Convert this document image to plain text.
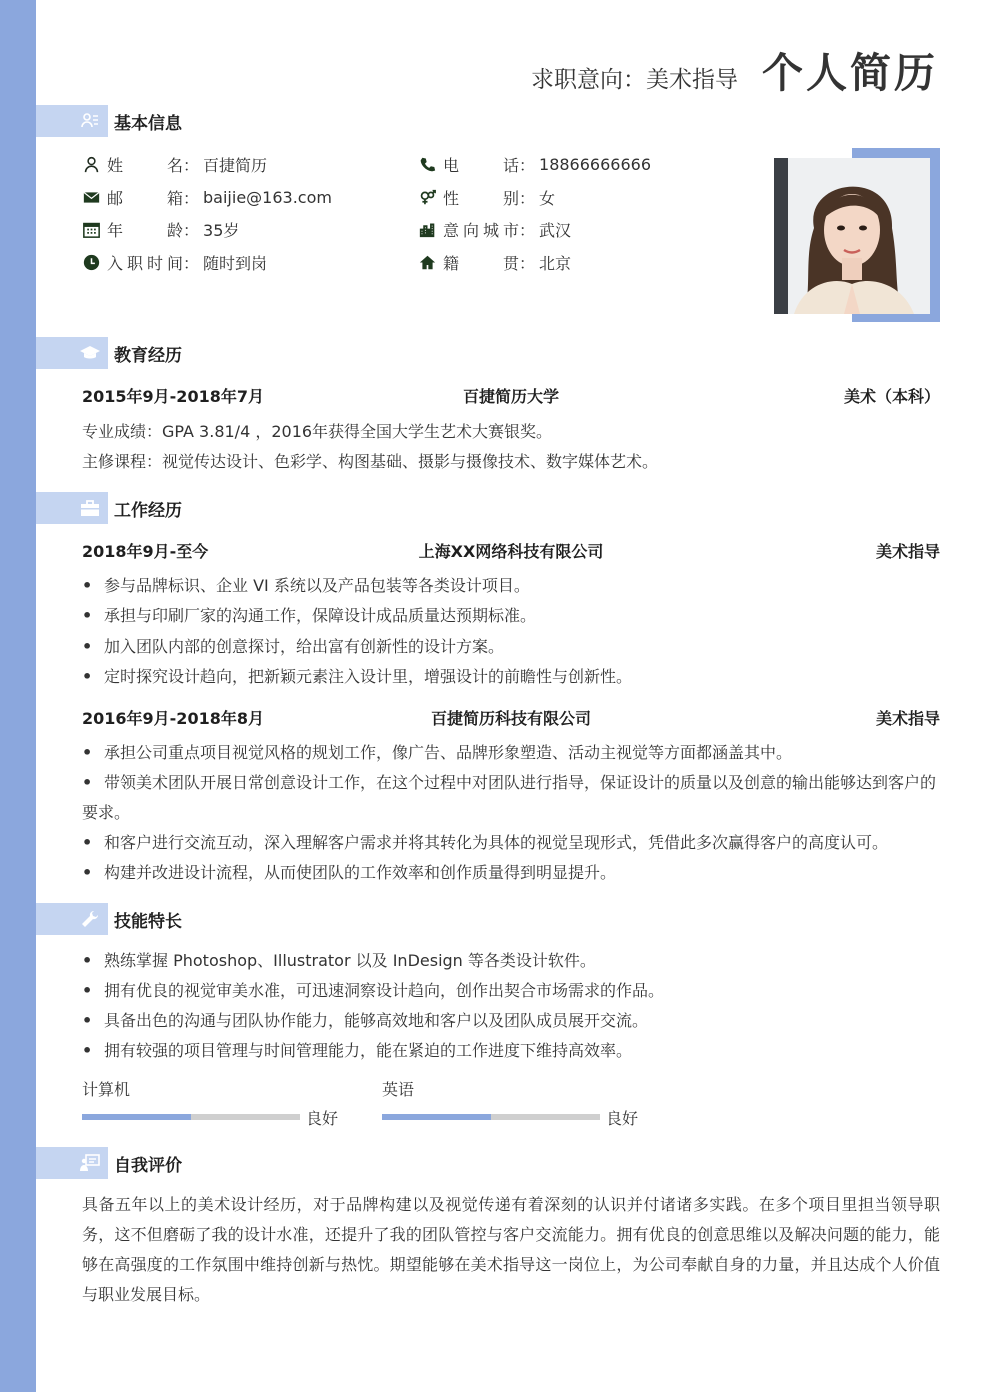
求职意向：美术指导 个人简历
基本信息
姓名 ： 百捷简历	电话 ： 18866666666
邮箱 ： baijie@163.com	性别 ： 女
年龄 ： 35岁	意向城市 ： 武汉
入职时间 ： 随时到岗	籍贯 ： 北京
教育经历
2015年9月-2018年7月	百捷简历大学	美术（本科）
专业成绩：GPA 3.81/4 ，2016年获得全国大学生艺术大赛银奖。
主修课程：视觉传达设计、色彩学、构图基础、摄影与摄像技术、数字媒体艺术。
工作经历
2018年9月-至今	上海XX网络科技有限公司	美术指导
• 参与品牌标识、企业 VI 系统以及产品包装等各类设计项目。
• 承担与印刷厂家的沟通工作，保障设计成品质量达预期标准。
• 加入团队内部的创意探讨，给出富有创新性的设计方案。
• 定时探究设计趋向，把新颖元素注入设计里，增强设计的前瞻性与创新性。
2016年9月-2018年8月	百捷简历科技有限公司	美术指导
• 承担公司重点项目视觉风格的规划工作，像广告、品牌形象塑造、活动主视觉等方面都涵盖其中。
• 带领美术团队开展日常创意设计工作，在这个过程中对团队进行指导，保证设计的质量以及创意的输出能够达到客户的要求。
• 和客户进行交流互动，深入理解客户需求并将其转化为具体的视觉呈现形式，凭借此多次赢得客户的高度认可。
• 构建并改进设计流程，从而使团队的工作效率和创作质量得到明显提升。
技能特长
• 熟练掌握 Photoshop、Illustrator 以及 InDesign 等各类设计软件。
• 拥有优良的视觉审美水准，可迅速洞察设计趋向，创作出契合市场需求的作品。
• 具备出色的沟通与团队协作能力，能够高效地和客户以及团队成员展开交流。
• 拥有较强的项目管理与时间管理能力，能在紧迫的工作进度下维持高效率。
计算机
良好
英语
良好
自我评价
具备五年以上的美术设计经历，对于品牌构建以及视觉传递有着深刻的认识并付诸诸多实践。在多个项目里担当领导职务，这不但磨砺了我的设计水准，还提升了我的团队管控与客户交流能力。拥有优良的创意思维以及解决问题的能力，能够在高强度的工作氛围中维持创新与热忱。期望能够在美术指导这一岗位上，为公司奉献自身的力量，并且达成个人价值与职业发展目标。
